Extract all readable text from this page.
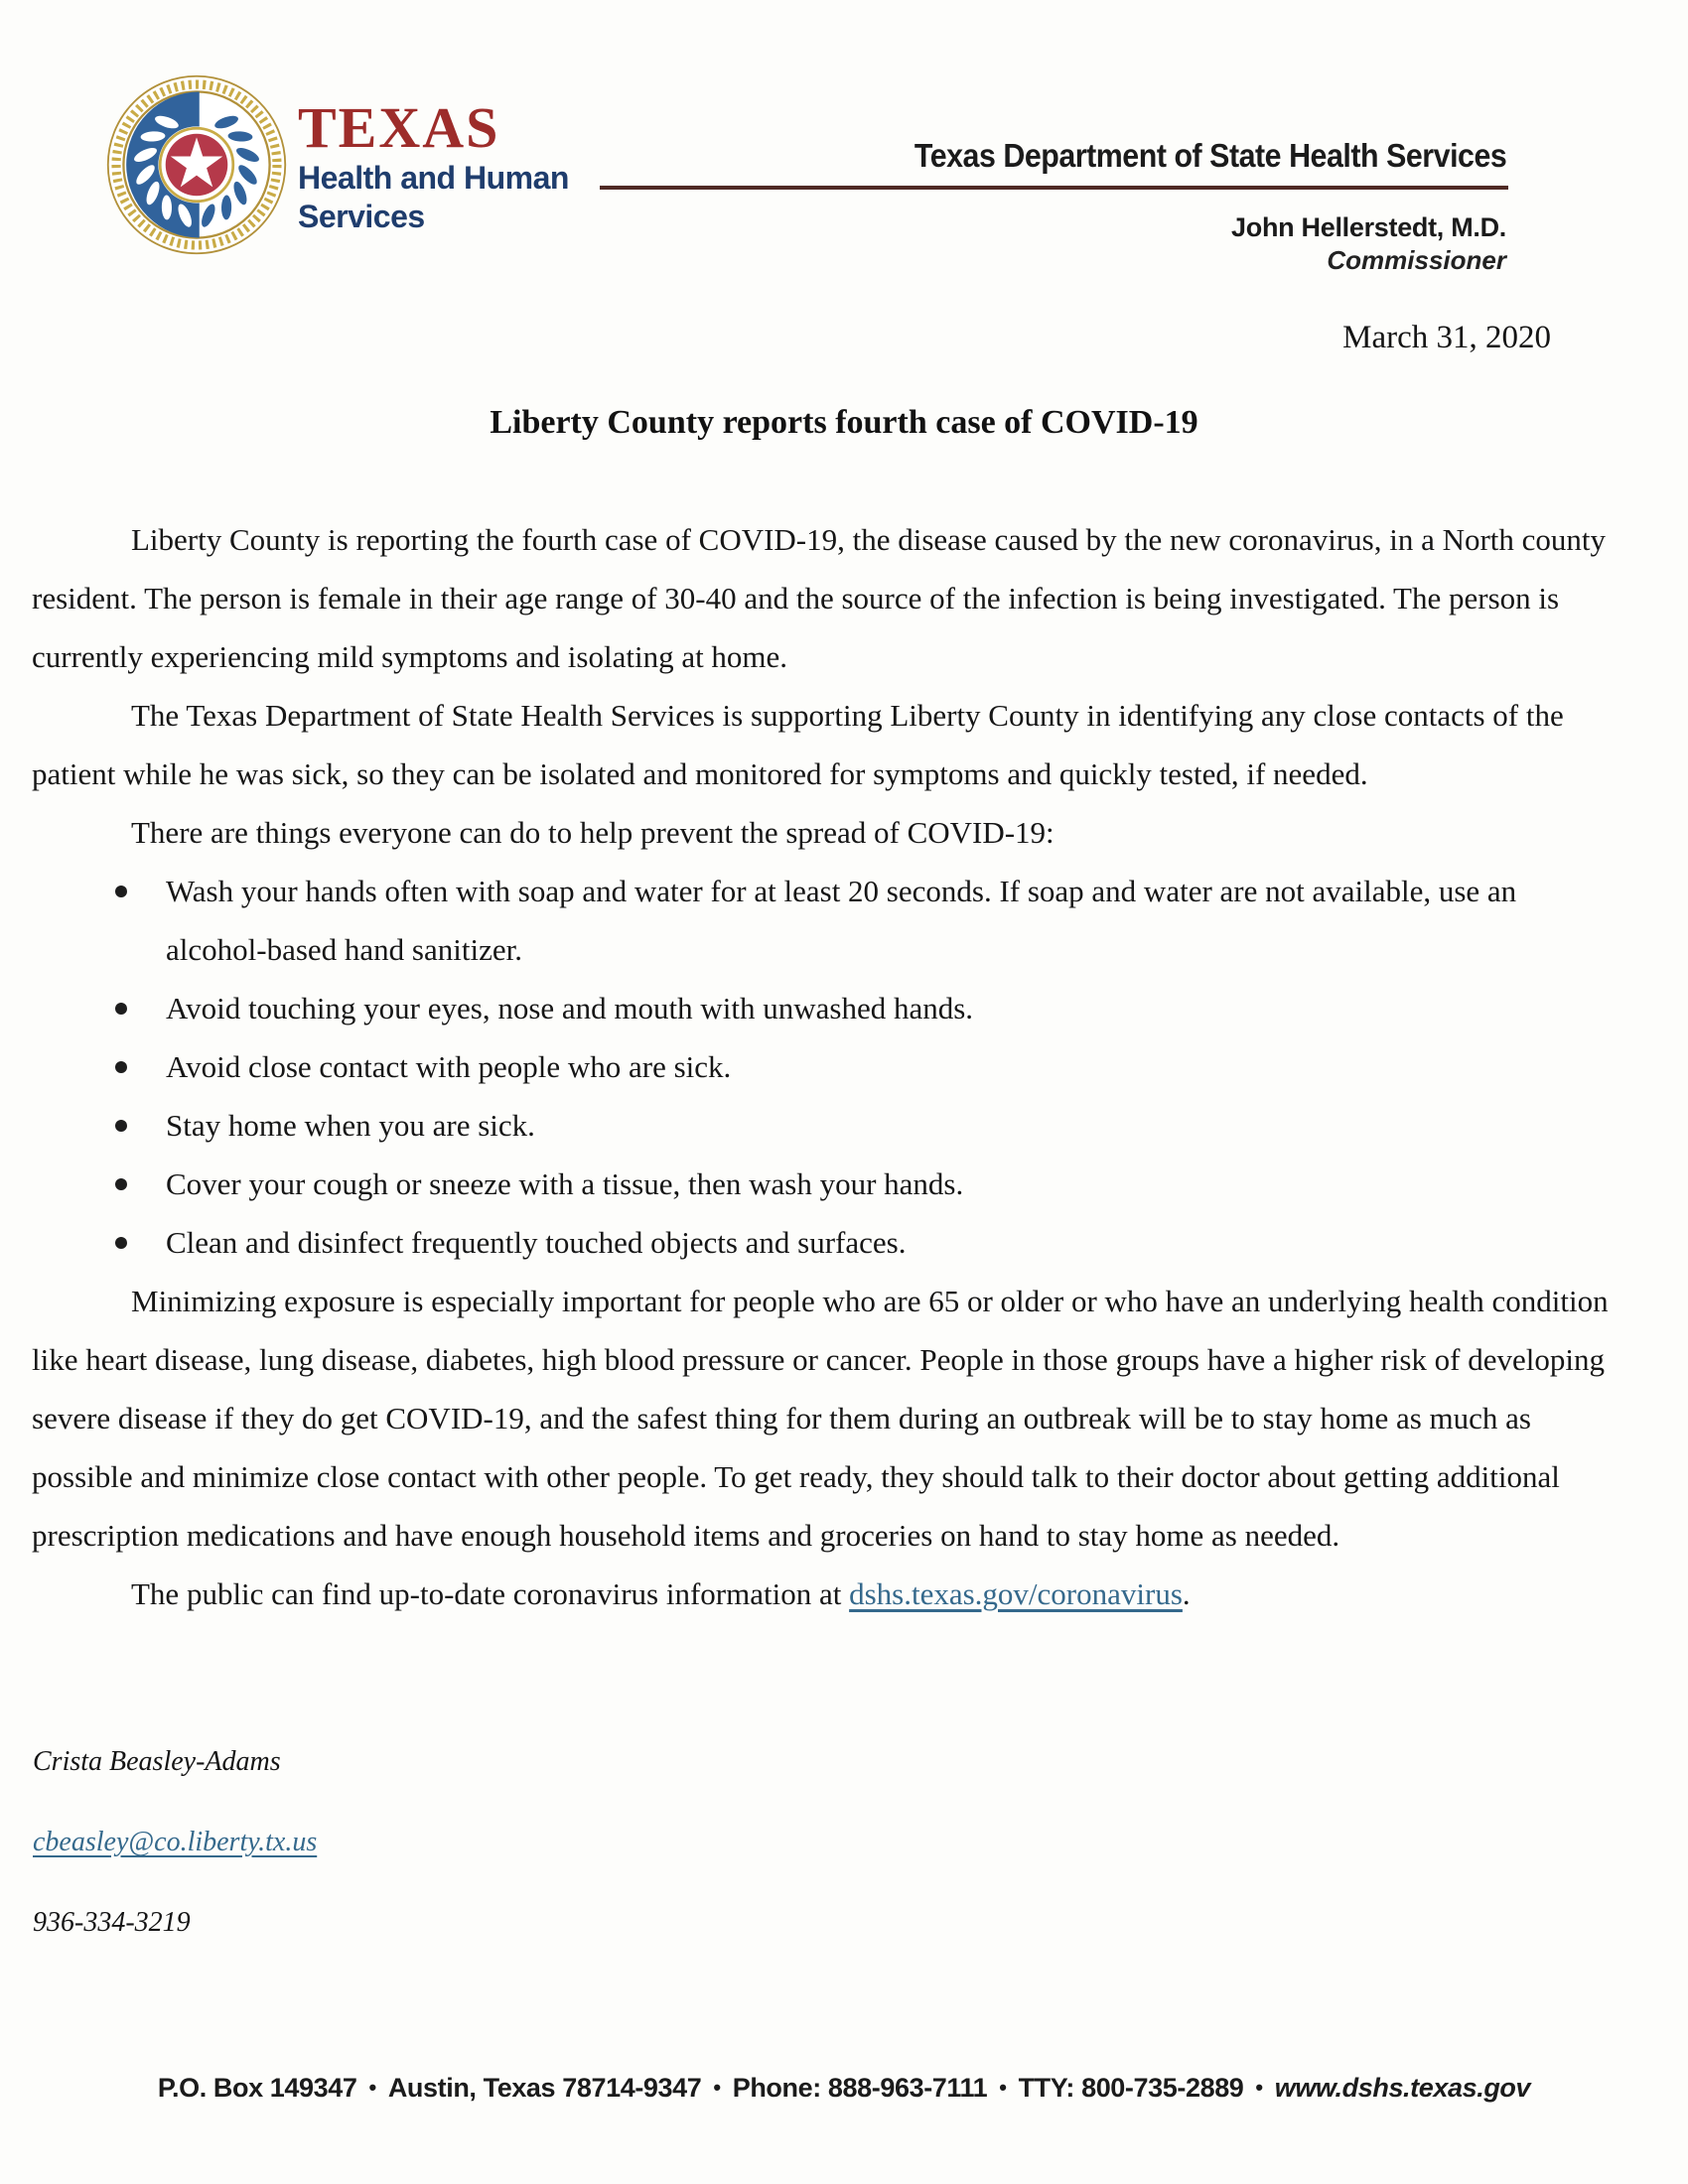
TEXAS
Health and Human
Services
Texas Department of State Health Services
John Hellerstedt, M.D.
Commissioner
March 31, 2020
Liberty County reports fourth case of COVID-19

Liberty County is reporting the fourth case of COVID-19, the disease caused by the new coronavirus, in a North county resident. The person is female in their age range of 30-40 and the source of the infection is being investigated. The person is currently experiencing mild symptoms and isolating at home.

The Texas Department of State Health Services is supporting Liberty County in identifying any close contacts of the patient while he was sick, so they can be isolated and monitored for symptoms and quickly tested, if needed.

There are things everyone can do to help prevent the spread of COVID-19:

Wash your hands often with soap and water for at least 20 seconds. If soap and water are not available, use an alcohol-based hand sanitizer.
Avoid touching your eyes, nose and mouth with unwashed hands.
Avoid close contact with people who are sick.
Stay home when you are sick.
Cover your cough or sneeze with a tissue, then wash your hands.
Clean and disinfect frequently touched objects and surfaces.

Minimizing exposure is especially important for people who are 65 or older or who have an underlying health condition like heart disease, lung disease, diabetes, high blood pressure or cancer. People in those groups have a higher risk of developing severe disease if they do get COVID-19, and the safest thing for them during an outbreak will be to stay home as much as possible and minimize close contact with other people. To get ready, they should talk to their doctor about getting additional prescription medications and have enough household items and groceries on hand to stay home as needed.

The public can find up-to-date coronavirus information at dshs.texas.gov/coronavirus.

Crista Beasley-Adams
cbeasley@co.liberty.tx.us
936-334-3219
P.O. Box 149347 • Austin, Texas 78714-9347 • Phone: 888-963-7111 • TTY: 800-735-2889 • www.dshs.texas.gov
